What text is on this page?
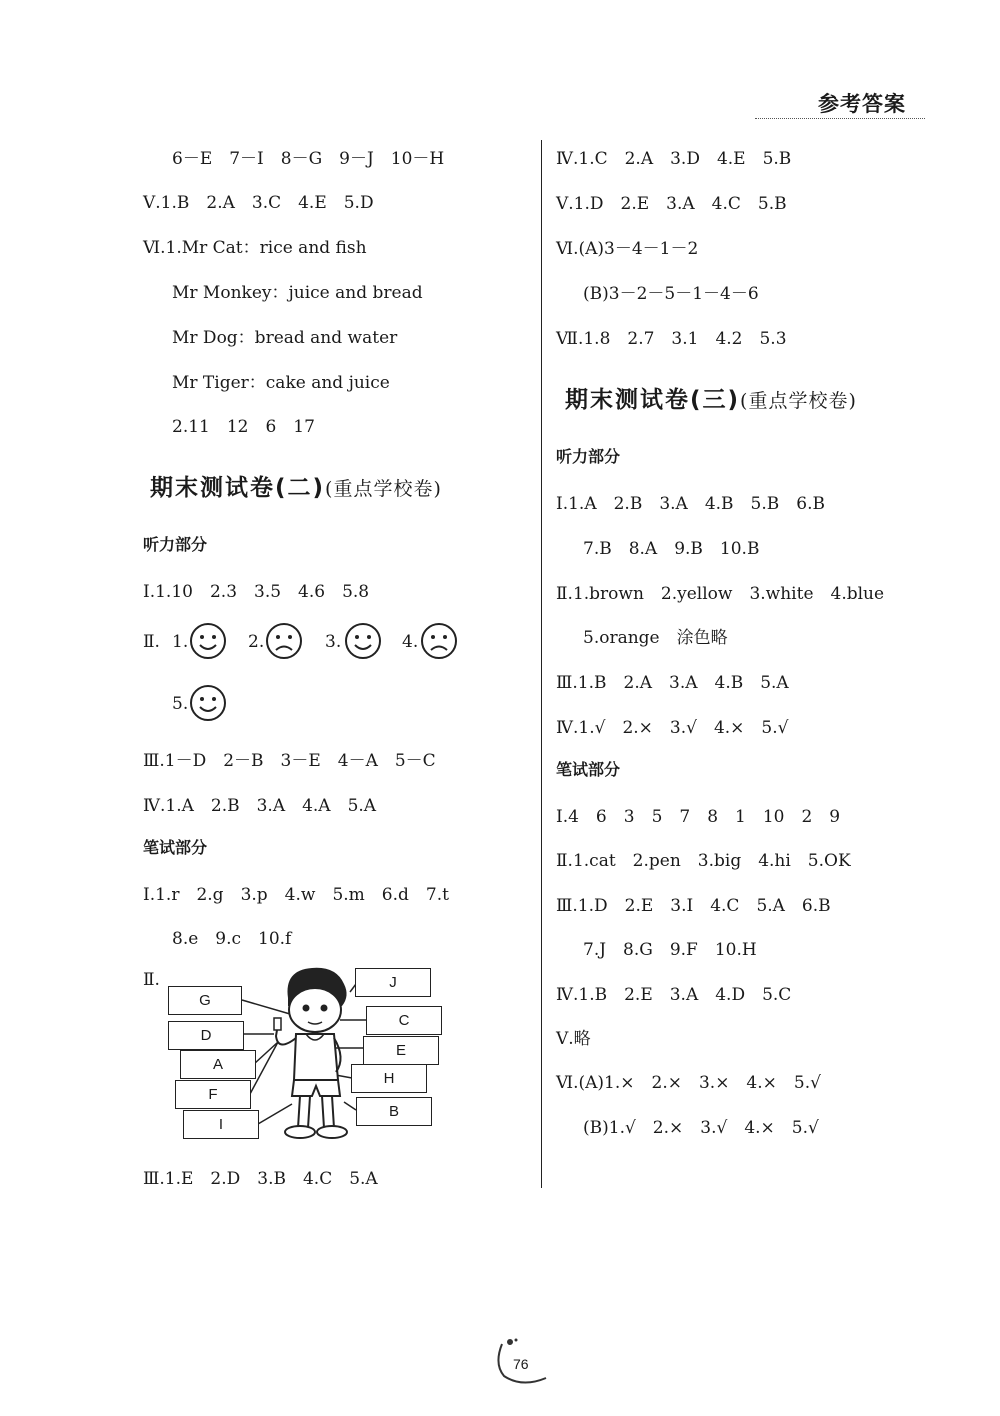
参考答案
6－E　7－I　8－G　9－J　10－H
Ⅴ.1.B　2.A　3.C　4.E　5.D
Ⅵ.1.Mr Cat：rice and fish
Mr Monkey：juice and bread
Mr Dog：bread and water
Mr Tiger：cake and juice
2.11　12　6　17
期末测试卷(二)(重点学校卷)
听力部分
Ⅰ.1.10　2.3　3.5　4.6　5.8
Ⅱ. 1.	2.	3.	4.
5.
Ⅲ.1－D　2－B　3－E　4－A　5－C
Ⅳ.1.A　2.B　3.A　4.A　5.A
笔试部分
Ⅰ.1.r　2.g　3.p　4.w　5.m　6.d　7.t
8.e　9.c　10.f
Ⅱ.
G
D
A
F
I
J
C
E
H
B
Ⅲ.1.E　2.D　3.B　4.C　5.A
Ⅳ.1.C　2.A　3.D　4.E　5.B
Ⅴ.1.D　2.E　3.A　4.C　5.B
Ⅵ.(A)3－4－1－2
(B)3－2－5－1－4－6
Ⅶ.1.8　2.7　3.1　4.2　5.3
期末测试卷(三)(重点学校卷)
听力部分
Ⅰ.1.A　2.B　3.A　4.B　5.B　6.B
7.B　8.A　9.B　10.B
Ⅱ.1.brown　2.yellow　3.white　4.blue
5.orange　涂色略
Ⅲ.1.B　2.A　3.A　4.B　5.A
Ⅳ.1.√　2.×　3.√　4.×　5.√
笔试部分
Ⅰ.4　6　3　5　7　8　1　10　2　9
Ⅱ.1.cat　2.pen　3.big　4.hi　5.OK
Ⅲ.1.D　2.E　3.I　4.C　5.A　6.B
7.J　8.G　9.F　10.H
Ⅳ.1.B　2.E　3.A　4.D　5.C
Ⅴ.略
Ⅵ.(A)1.×　2.×　3.×　4.×　5.√
(B)1.√　2.×　3.√　4.×　5.√
76
